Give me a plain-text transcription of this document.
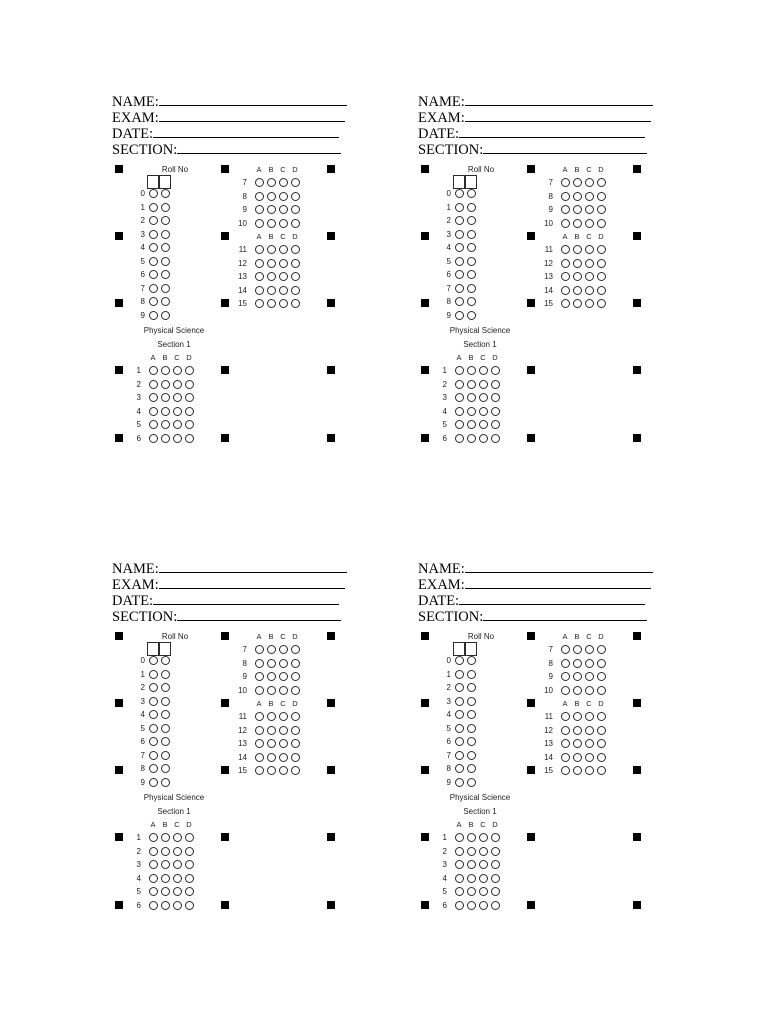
NAME:
EXAM:
DATE:
SECTION:
Roll No
0
1
2
3
4
5
6
7
8
9
A B C D
7
8
9
10
A B C D
11
12
13
14
15
Physical Science
Section 1
A B C D
1
2
3
4
5
6
NAME:
EXAM:
DATE:
SECTION:
Roll No
0
1
2
3
4
5
6
7
8
9
A B C D
7
8
9
10
A B C D
11
12
13
14
15
Physical Science
Section 1
A B C D
1
2
3
4
5
6
NAME:
EXAM:
DATE:
SECTION:
Roll No
0
1
2
3
4
5
6
7
8
9
A B C D
7
8
9
10
A B C D
11
12
13
14
15
Physical Science
Section 1
A B C D
1
2
3
4
5
6
NAME:
EXAM:
DATE:
SECTION:
Roll No
0
1
2
3
4
5
6
7
8
9
A B C D
7
8
9
10
A B C D
11
12
13
14
15
Physical Science
Section 1
A B C D
1
2
3
4
5
6
